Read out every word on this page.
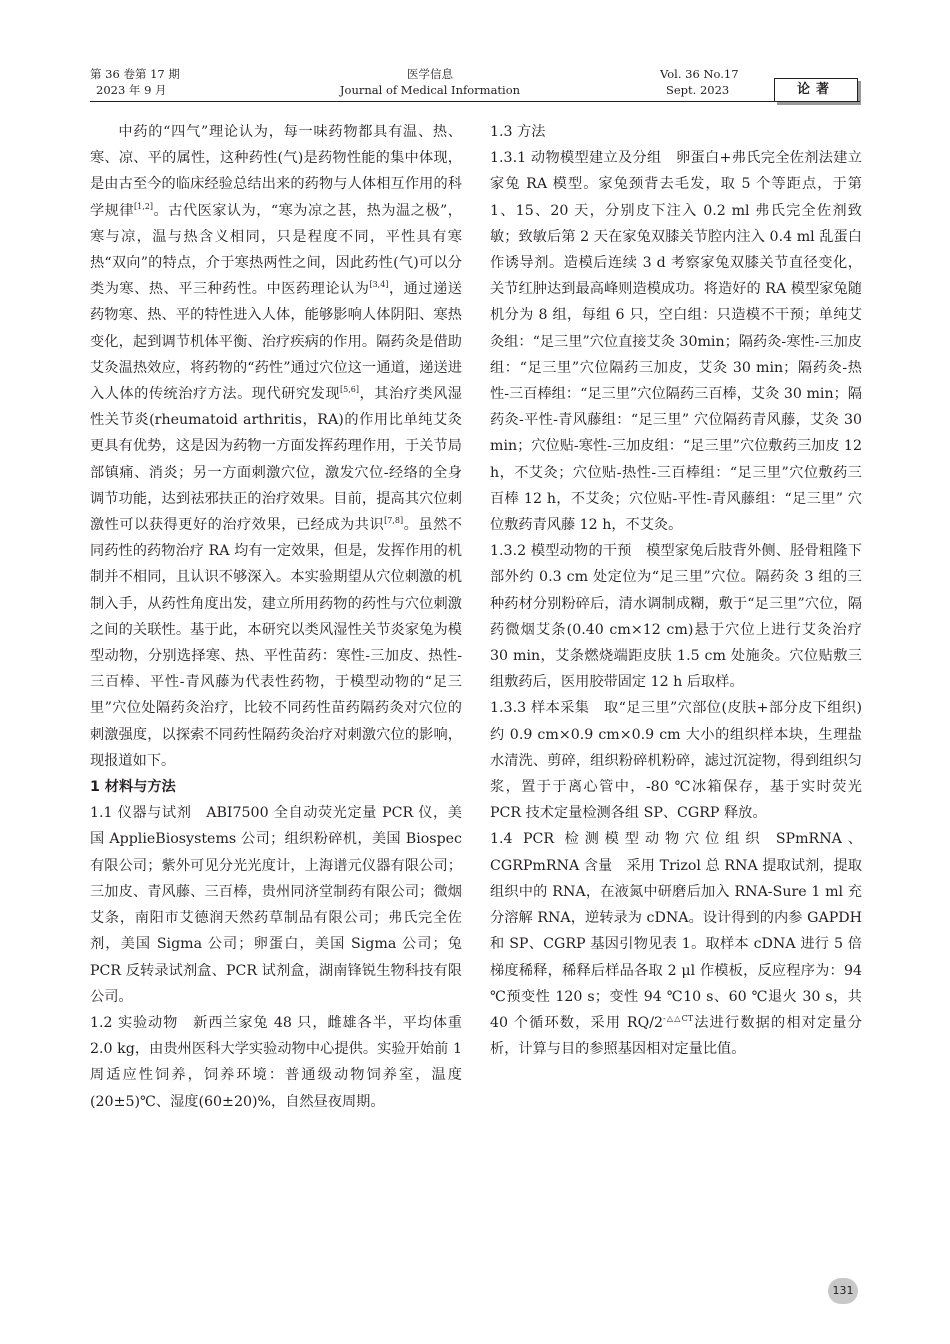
第 36 卷第 17 期
2023 年 9 月
医学信息
Journal of Medical Information
Vol. 36 No.17
Sept. 2023	论著

中药的“四气”理论认为，每一味药物都具有温、热、寒、凉、平的属性，这种药性(气)是药物性能的集中体现，是由古至今的临床经验总结出来的药物与人体相互作用的科学规律[1,2]。古代医家认为，“寒为凉之甚，热为温之极”，寒与凉，温与热含义相同，只是程度不同，平性具有寒热“双向”的特点，介于寒热两性之间，因此药性(气)可以分类为寒、热、平三种药性。中医药理论认为[3,4]，通过递送药物寒、热、平的特性进入人体，能够影响人体阴阳、寒热变化，起到调节机体平衡、治疗疾病的作用。隔药灸是借助艾灸温热效应，将药物的“药性”通过穴位这一通道，递送进入人体的传统治疗方法。现代研究发现[5,6]，其治疗类风湿性关节炎(rheumatoid arthritis，RA)的作用比单纯艾灸更具有优势，这是因为药物一方面发挥药理作用，于关节局部镇痛、消炎；另一方面刺激穴位，激发穴位-经络的全身调节功能，达到祛邪扶正的治疗效果。目前，提高其穴位刺激性可以获得更好的治疗效果，已经成为共识[7,8]。虽然不同药性的药物治疗 RA 均有一定效果，但是，发挥作用的机制并不相同，且认识不够深入。本实验期望从穴位刺激的机制入手，从药性角度出发，建立所用药物的药性与穴位刺激之间的关联性。基于此，本研究以类风湿性关节炎家兔为模型动物，分别选择寒、热、平性苗药：寒性-三加皮、热性-三百棒、平性-青风藤为代表性药物，于模型动物的“足三里”穴位处隔药灸治疗，比较不同药性苗药隔药灸对穴位的刺激强度，以探索不同药性隔药灸治疗对刺激穴位的影响，现报道如下。

1 材料与方法

1.1 仪器与试剂　ABI7500 全自动荧光定量 PCR 仪，美国 ApplieBiosystems 公司；组织粉碎机，美国 Biospec 有限公司；紫外可见分光光度计，上海谱元仪器有限公司；三加皮、青风藤、三百棒，贵州同济堂制药有限公司；微烟艾条，南阳市艾德润天然药草制品有限公司；弗氏完全佐剂，美国 Sigma 公司；卵蛋白，美国 Sigma 公司；兔 PCR 反转录试剂盒、PCR 试剂盒，湖南锋锐生物科技有限公司。

1.2 实验动物　新西兰家兔 48 只，雌雄各半，平均体重 2.0 kg，由贵州医科大学实验动物中心提供。实验开始前 1 周适应性饲养，饲养环境：普通级动物饲养室，温度(20±5)℃、湿度(60±20)%，自然昼夜周期。

1.3 方法

1.3.1 动物模型建立及分组　卵蛋白+弗氏完全佐剂法建立家兔 RA 模型。家兔颈背去毛发，取 5 个等距点，于第 1、15、20 天，分别皮下注入 0.2 ml 弗氏完全佐剂致敏；致敏后第 2 天在家兔双膝关节腔内注入 0.4 ml 乱蛋白作诱导剂。造模后连续 3 d 考察家兔双膝关节直径变化，关节红肿达到最高峰则造模成功。将造好的 RA 模型家兔随机分为 8 组，每组 6 只，空白组：只造模不干预；单纯艾灸组：“足三里”穴位直接艾灸 30min；隔药灸-寒性-三加皮组：“足三里”穴位隔药三加皮，艾灸 30 min；隔药灸-热性-三百棒组：“足三里”穴位隔药三百棒，艾灸 30 min；隔药灸-平性-青风藤组：“足三里” 穴位隔药青风藤，艾灸 30 min；穴位贴-寒性-三加皮组：“足三里”穴位敷药三加皮 12 h，不艾灸；穴位贴-热性-三百棒组：“足三里”穴位敷药三百棒 12 h，不艾灸；穴位贴-平性-青风藤组：“足三里” 穴位敷药青风藤 12 h，不艾灸。

1.3.2 模型动物的干预　模型家兔后肢背外侧、胫骨粗隆下部外约 0.3 cm 处定位为“足三里”穴位。隔药灸 3 组的三种药材分别粉碎后，清水调制成糊，敷于“足三里”穴位，隔药微烟艾条(0.40 cm×12 cm)悬于穴位上进行艾灸治疗 30 min，艾条燃烧端距皮肤 1.5 cm 处施灸。穴位贴敷三组敷药后，医用胶带固定 12 h 后取样。

1.3.3 样本采集　取“足三里”穴部位(皮肤+部分皮下组织)约 0.9 cm×0.9 cm×0.9 cm 大小的组织样本块，生理盐水清洗、剪碎，组织粉碎机粉碎，滤过沉淀物，得到组织匀浆，置于于离心管中，-80 ℃冰箱保存，基于实时荧光 PCR 技术定量检测各组 SP、CGRP 释放。

1.4 PCR 检测模型动物穴位组织 SPmRNA、CGRPmRNA 含量　采用 Trizol 总 RNA 提取试剂，提取组织中的 RNA，在液氮中研磨后加入 RNA-Sure 1 ml 充分溶解 RNA，逆转录为 cDNA。设计得到的内参 GAPDH 和 SP、CGRP 基因引物见表 1。取样本 cDNA 进行 5 倍梯度稀释，稀释后样品各取 2 μl 作模板，反应程序为：94 ℃预变性 120 s；变性 94 ℃10 s、60 ℃退火 30 s，共 40 个循环数，采用 $RQ/2^{-\triangle\triangle CT}$法进行数据的相对定量分析，计算与目的参照基因相对定量比值。

131
